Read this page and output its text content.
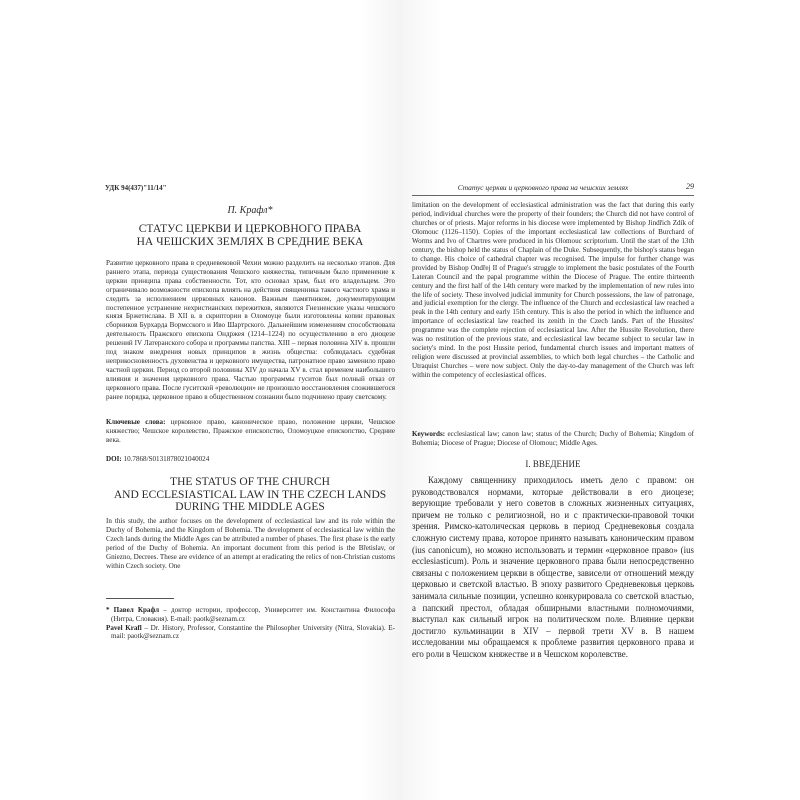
УДК 94(437)"11/14"
П. Крафл*
СТАТУС ЦЕРКВИ И ЦЕРКОВНОГО ПРАВА
НА ЧЕШСКИХ ЗЕМЛЯХ В СРЕДНИЕ ВЕКА

Развитие церковного права в средневековой Чехии можно разделить на несколько этапов. Для раннего этапа, периода существования Чешского княжества, типичным было применение к церкви принципа права собственности. Тот, кто основал храм, был его владельцем. Это ограничивало возможности епископа влиять на действия священника такого частного храма и следить за исполнением церковных канонов. Важным памятником, документирующим постепенное устранение нехристианских пережитков, являются Гнезненские указы чешского князя Бржетислава. В XII в. в скриптории в Оломоуце были изготовлены копии правовых сборников Бурхарда Вормсского и Иво Шартрского. Дальнейшим изменениям способствовала деятельность Пражского епископа Ондржея (1214–1224) по осуществлению в его диоцезе решений IV Латеранского собора и программы папства. XIII – первая половина XIV в. прошли под знаком внедрения новых принципов в жизнь общества: соблюдалась судебная неприкосновенность духовенства и церковного имущества, патронатное право заменило право частной церкви. Период со второй половины XIV до начала XV в. стал временем наибольшего влияния и значения церковного права. Частью программы гуситов был полный отказ от церковного права. После гуситской «революции» не произошло восстановления сложившегося ранее порядка, церковное право в общественном сознании было подчинено праву светскому.

Ключевые слова: церковное право, каноническое право, положение церкви, Чешское княжество; Чешское королевство, Пражское епископство, Оломоуцкое епископство, Средние века.

DOI: 10.7868/S0131878021040024

THE STATUS OF THE CHURCH
AND ECCLESIASTICAL LAW IN THE CZECH LANDS
DURING THE MIDDLE AGES

In this study, the author focuses on the development of ecclesiastical law and its role within the Duchy of Bohemia, and the Kingdom of Bohemia. The development of ecclesiastical law within the Czech lands during the Middle Ages can be attributed a number of phases. The first phase is the early period of the Duchy of Bohemia. An important document from this period is the Břetislav, or Gniezno, Decrees. These are evidence of an attempt at eradicating the relics of non-Christian customs within Czech society. One

* Павел Крафл – доктор истории, профессор, Университет им. Константина Философа (Нитра, Словакия). E-mail: paotk@seznam.cz

Pavel Krafl – Dr. History, Professor, Constantine the Philosopher University (Nitra, Slovakia). E-mail: paotk@seznam.cz

Статус церкви и церковного права на чешских землях	29

limitation on the development of ecclesiastical administration was the fact that during this early period, individual churches were the property of their founders; the Church did not have control of churches or of priests. Major reforms in his diocese were implemented by Bishop Jindřich Zdík of Olomouc (1126–1150). Copies of the important ecclesiastical law collections of Burchard of Worms and Ivo of Chartres were produced in his Olomouc scriptorium. Until the start of the 13th century, the bishop held the status of Chaplain of the Duke. Subsequently, the bishop's status began to change. His choice of cathedral chapter was recognised. The impulse for further change was provided by Bishop Ondřej II of Prague's struggle to implement the basic postulates of the Fourth Lateran Council and the papal programme within the Diocese of Prague. The entire thirteenth century and the first half of the 14th century were marked by the implementation of new rules into the life of society. These involved judicial immunity for Church possessions, the law of patronage, and judicial exemption for the clergy. The influence of the Church and ecclesiastical law reached a peak in the 14th century and early 15th century. This is also the period in which the influence and importance of ecclesiastical law reached its zenith in the Czech lands. Part of the Hussites' programme was the complete rejection of ecclesiastical law. After the Hussite Revolution, there was no restitution of the previous state, and ecclesiastical law became subject to secular law in society's mind. In the post Hussite period, fundamental church issues and important matters of religion were discussed at provincial assemblies, to which both legal churches – the Catholic and Utraquist Churches – were now subject. Only the day-to-day management of the Church was left within the competency of ecclesiastical offices.

Keywords: ecclesiastical law; canon law; status of the Church; Duchy of Bohemia; Kingdom of Bohemia; Diocese of Prague; Diocese of Olomouc; Middle Ages.

I. ВВЕДЕНИЕ

Каждому священнику приходилось иметь дело с правом: он руководствовался нормами, которые действовали в его диоцезе; верующие требовали у него советов в сложных жизненных ситуациях, причем не только с религиозной, но и с практически-правовой точки зрения. Римско-католическая церковь в период Средневековья создала сложную систему права, которое принято называть каноническим правом (ius canonicum), но можно использовать и термин «церковное право» (ius ecclesiasticum). Роль и значение церковного права были непосредственно связаны с положением церкви в обществе, зависели от отношений между церковью и светской властью. В эпоху развитого Средневековья церковь занимала сильные позиции, успешно конкурировала со светской властью, а папский престол, обладая обширными властными полномочиями, выступал как сильный игрок на политическом поле. Влияние церкви достигло кульминации в XIV – первой трети XV в. В нашем исследовании мы обращаемся к проблеме развития церковного права и его роли в Чешском княжестве и в Чешском королевстве.
